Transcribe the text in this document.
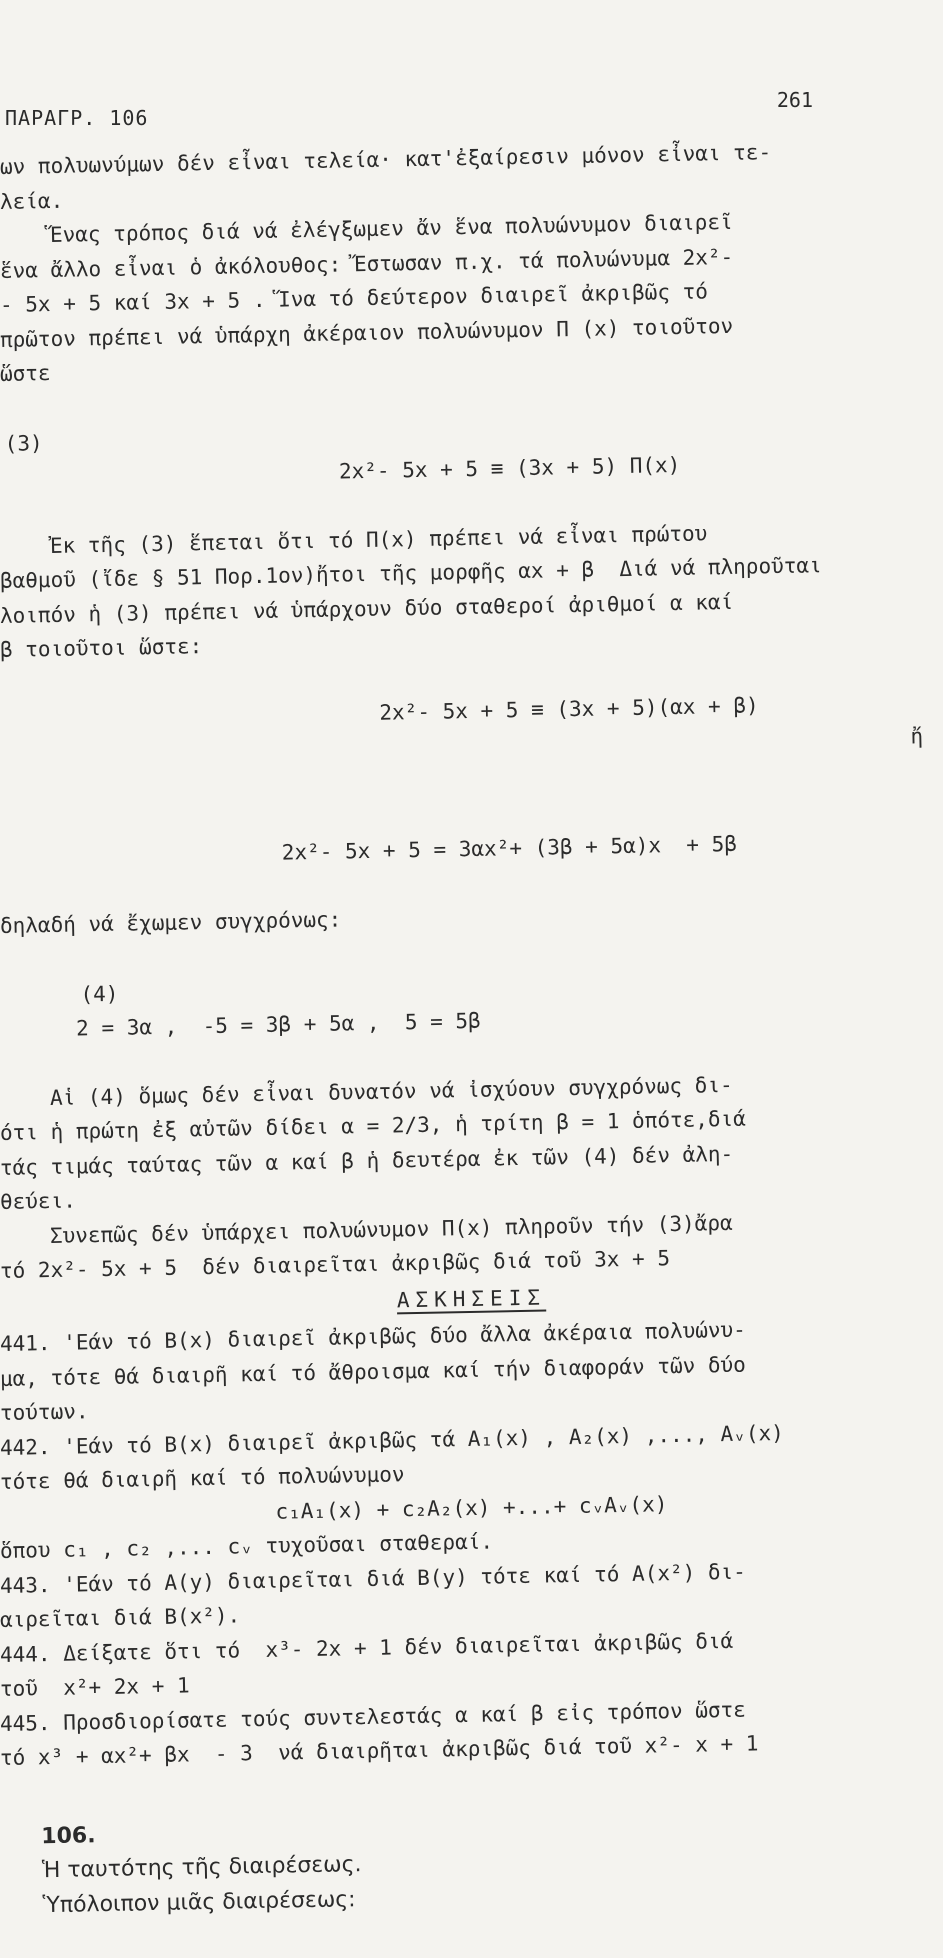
ΠΑΡΑΓΡ. 106
261
ων πολυωνύμων δέν εἶναι τελεία· κατ'ἐξαίρεσιν μόνον εἶναι τε-
λεία.
Ἕνας τρόπος διά νά ἐλέγξωμεν ἄν ἕνα πολυώνυμον διαιρεῖ
ἕνα ἄλλο εἶναι ὁ ἀκόλουθος: Ἔστωσαν π.χ. τά πολυώνυμα 2x²-
- 5x + 5 καί 3x + 5 . Ἵνα τό δεύτερον διαιρεῖ ἀκριβῶς τό
πρῶτον πρέπει νά ὑπάρχη ἀκέραιον πολυώνυμον Π (x) τοιοῦτον
ὥστε

(3)

2x²- 5x + 5 ≡ (3x + 5) Π(x)

Ἐκ τῆς (3) ἕπεται ὅτι τό Π(x) πρέπει νά εἶναι πρώτου
βαθμοῦ (ἴδε § 51 Πορ.1ον)ἤτοι τῆς μορφῆς αx + β  Διά νά πληροῦται
λοιπόν ἡ (3) πρέπει νά ὑπάρχουν δύο σταθεροί ἀριθμοί α καί
β τοιοῦτοι ὥστε:

2x²- 5x + 5 ≡ (3x + 5)(αx + β)

ἤ

2x²- 5x + 5 = 3αx²+ (3β + 5α)x  + 5β

δηλαδή νά ἔχωμεν συγχρόνως:

(4)
2 = 3α ,  -5 = 3β + 5α ,  5 = 5β

Αἱ (4) ὅμως δέν εἶναι δυνατόν νά ἰσχύουν συγχρόνως δι-
ότι ἡ πρώτη ἐξ αὐτῶν δίδει α = 2/3, ἡ τρίτη β = 1 ὁπότε,διά
τάς τιμάς ταύτας τῶν α καί β ἡ δευτέρα ἐκ τῶν (4) δέν ἀλη-
θεύει.
Συνεπῶς δέν ὑπάρχει πολυώνυμον Π(x) πληροῦν τήν (3)ἄρα
τό 2x²- 5x + 5  δέν διαιρεῖται ἀκριβῶς διά τοῦ 3x + 5
ΑΣΚΗΣΕΙΣ
441. 'Εάν τό B(x) διαιρεῖ ἀκριβῶς δύο ἄλλα ἀκέραια πολυώνυ-
μα, τότε θά διαιρῆ καί τό ἄθροισμα καί τήν διαφοράν τῶν δύο
τούτων.
442. 'Εάν τό B(x) διαιρεῖ ἀκριβῶς τά A₁(x) , A₂(x) ,..., Aᵥ(x)
τότε θά διαιρῆ καί τό πολυώνυμον
c₁A₁(x) + c₂A₂(x) +...+ cᵥAᵥ(x)
ὅπου c₁ , c₂ ,... cᵥ τυχοῦσαι σταθεραί.
443. 'Εάν τό A(y) διαιρεῖται διά B(y) τότε καί τό A(x²) δι-
αιρεῖται διά B(x²).
444. Δείξατε ὅτι τό  x³- 2x + 1 δέν διαιρεῖται ἀκριβῶς διά
τοῦ  x²+ 2x + 1
445. Προσδιορίσατε τούς συντελεστάς α καί β εἰς τρόπον ὥστε
τό x³ + αx²+ βx  - 3  νά διαιρῆται ἀκριβῶς διά τοῦ x²- x + 1

106.
Ἡ ταυτότης τῆς διαιρέσεως.
Ὑπόλοιπον μιᾶς διαιρέσεως:
